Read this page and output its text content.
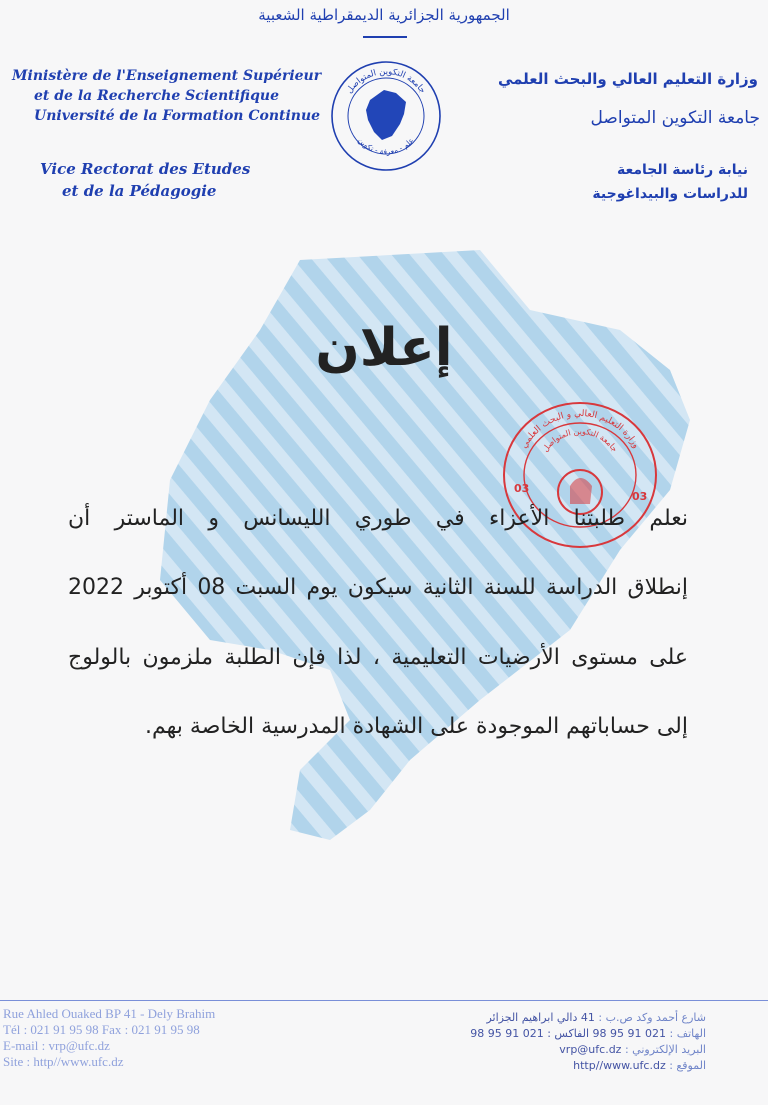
الجمهورية الجزائرية الديمقراطية الشعبية
Ministère de l'Enseignement Supérieur
et de la Recherche Scientifique
Université de la Formation Continue
Vice Rectorat des Etudes
et de la Pédagogie
وزارة التعليم العالي والبحث العلمي
جامعة التكوين المتواصل
نيابة رئاسة الجامعة
للدراسات والبيداغوجية
جامعة التكوين المتواصل
علم - معرفة - تكوين
إعلان
وزارة التعليم العالي و البحث العلمي
جامعة التكوين المتواصل
03
03
نعلم طلبتنا الأعزاء في طوري الليسانس و الماستر أن
إنطلاق الدراسة للسنة الثانية سيكون يوم السبت 08 أكتوبر 2022
على مستوى الأرضيات التعليمية ، لذا فإن الطلبة ملزمون بالولوج
إلى حساباتهم الموجودة على الشهادة المدرسية الخاصة بهم.
Rue Ahled Ouaked BP 41 - Dely Brahim
Tél : 021 91 95 98 Fax : 021 91 95 98
E-mail : vrp@ufc.dz
Site : http//www.ufc.dz
شارع أحمد وكد ص.ب : 41 دالي ابراهيم الجزائر
الهاتف : 021 91 95 98 الفاكس : 021 91 95 98
البريد الإلكتروني : vrp@ufc.dz
الموقع : http//www.ufc.dz
